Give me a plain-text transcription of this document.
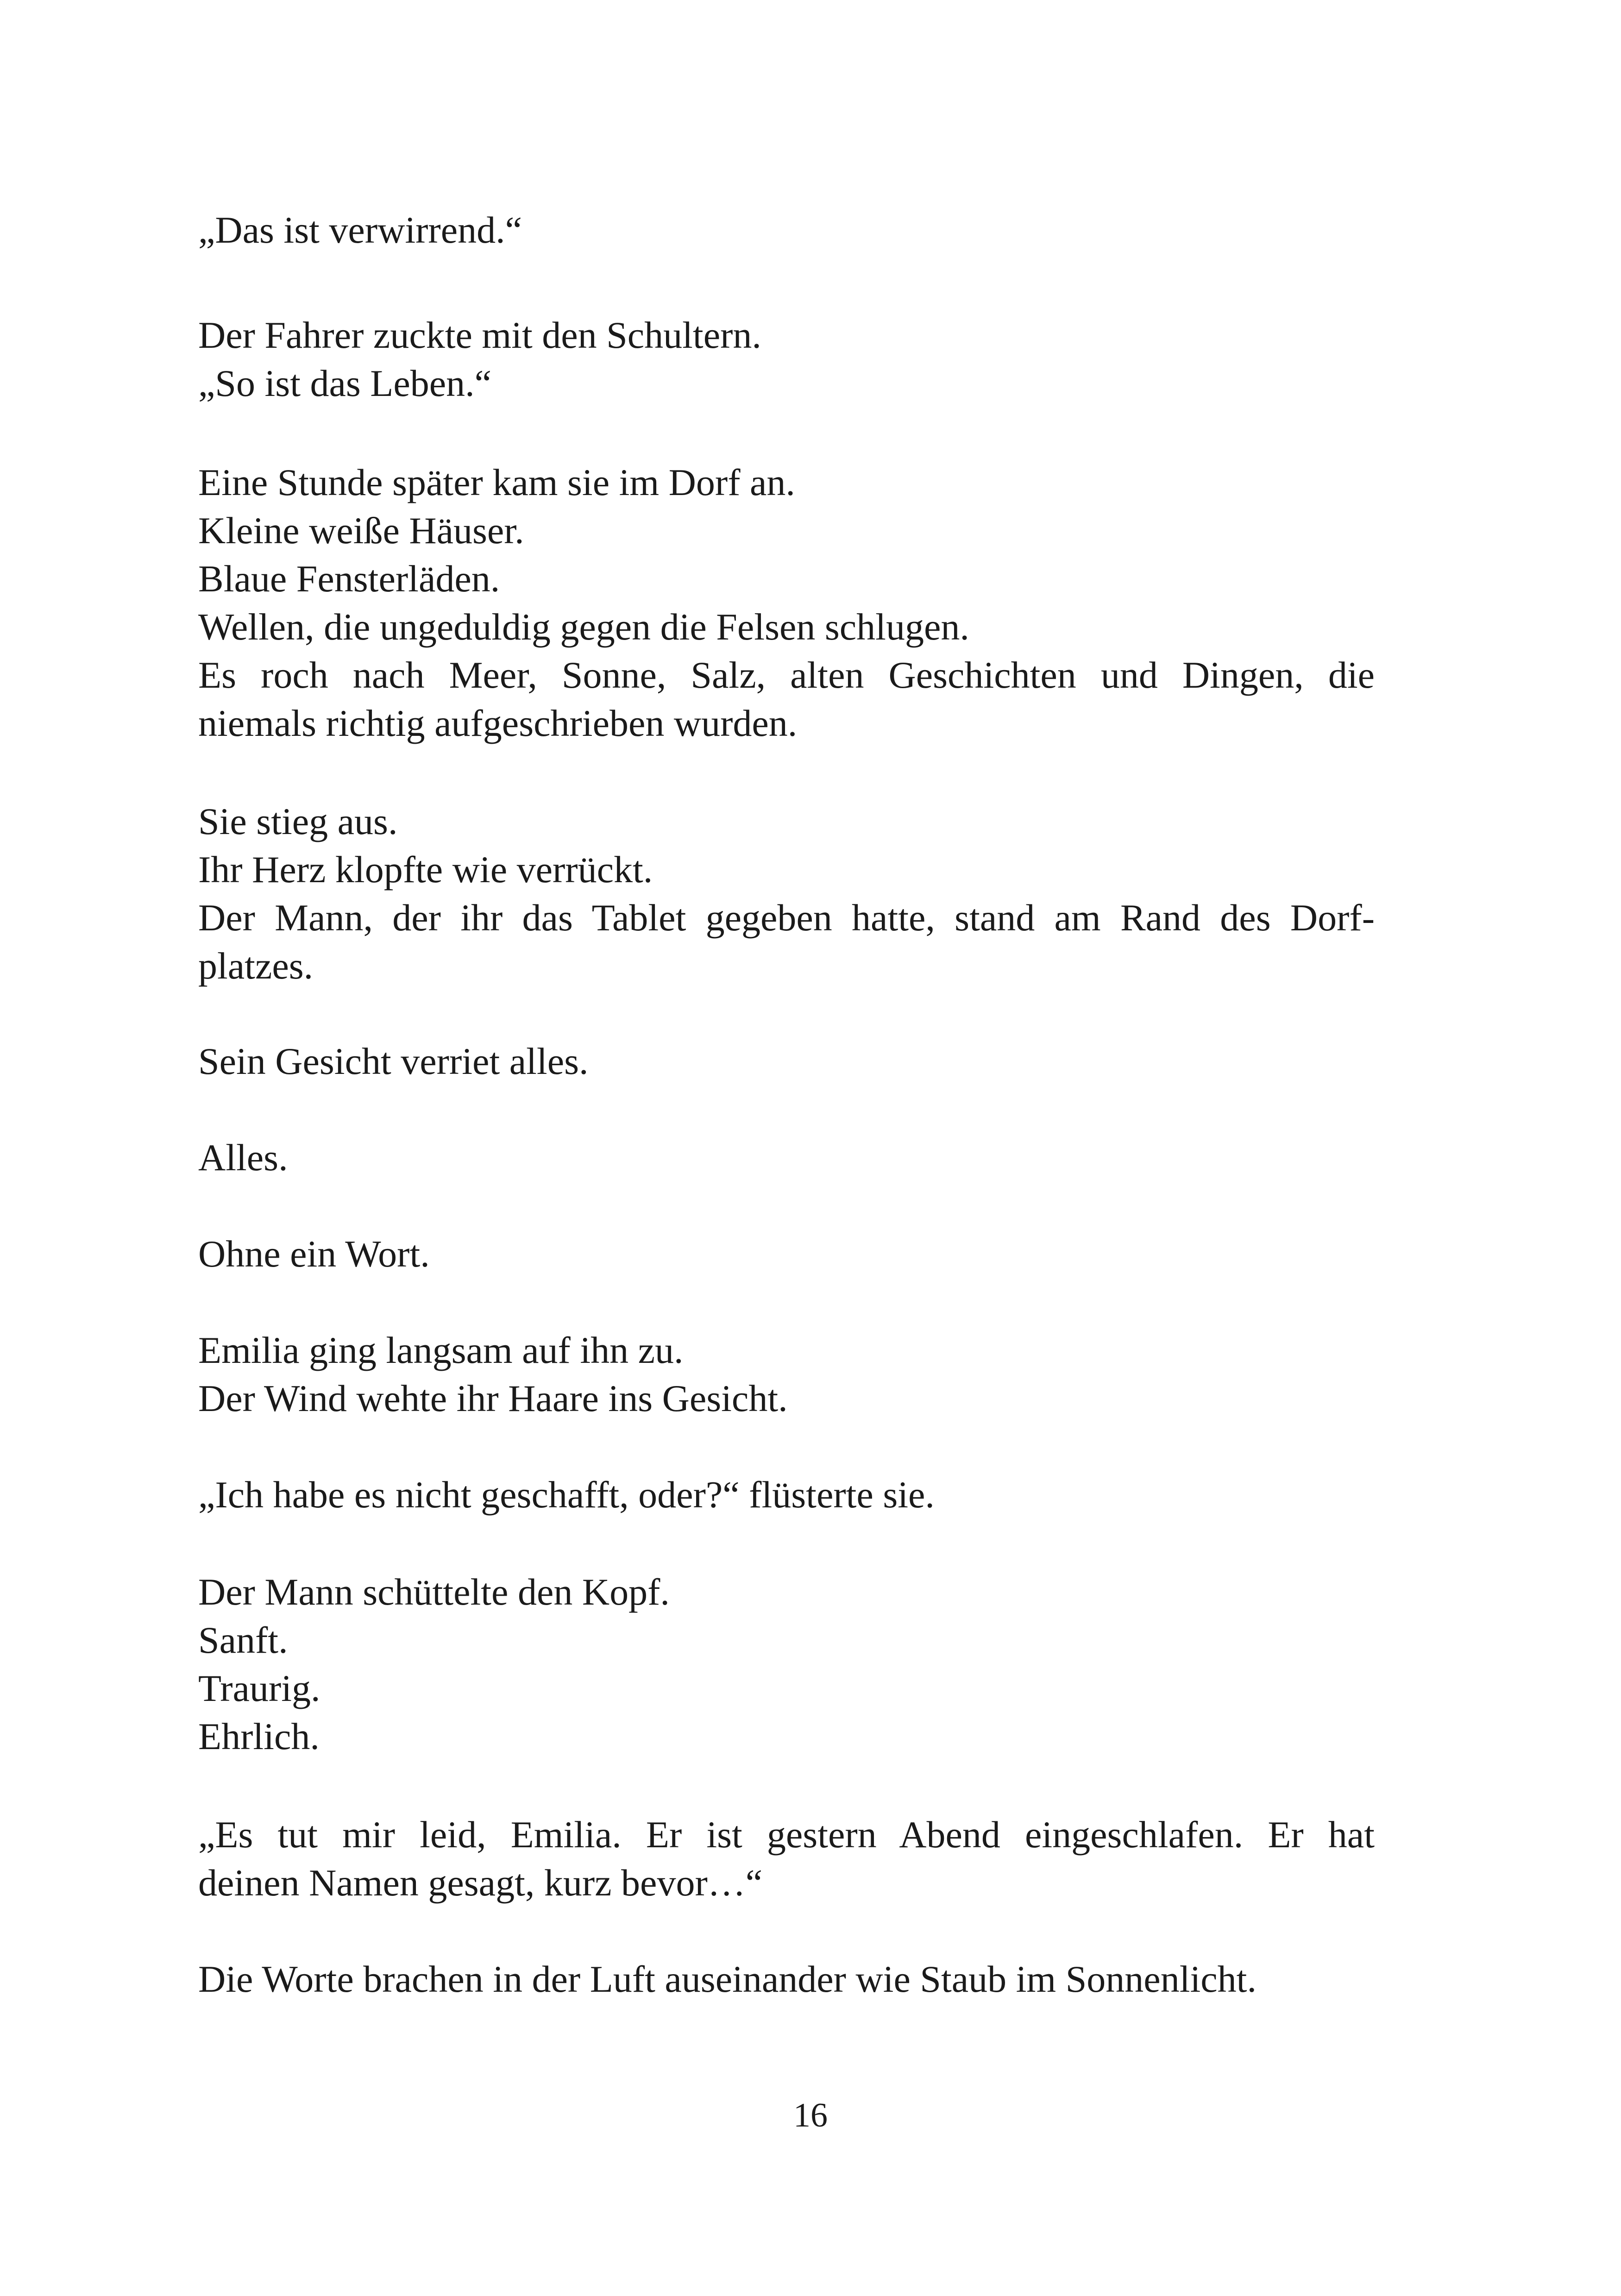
„Das ist verwirrend.“

Der Fahrer zuckte mit den Schultern.

„So ist das Leben.“

Eine Stunde später kam sie im Dorf an.

Kleine weiße Häuser.

Blaue Fensterläden.

Wellen, die ungeduldig gegen die Felsen schlugen.

Es roch nach Meer, Sonne, Salz, alten Geschichten und Dingen, die

niemals richtig aufgeschrieben wurden.

Sie stieg aus.

Ihr Herz klopfte wie verrückt.

Der Mann, der ihr das Tablet gegeben hatte, stand am Rand des Dorf-

platzes.

Sein Gesicht verriet alles.

Alles.

Ohne ein Wort.

Emilia ging langsam auf ihn zu.

Der Wind wehte ihr Haare ins Gesicht.

„Ich habe es nicht geschafft, oder?“ flüsterte sie.

Der Mann schüttelte den Kopf.

Sanft.

Traurig.

Ehrlich.

„Es tut mir leid, Emilia. Er ist gestern Abend eingeschlafen. Er hat

deinen Namen gesagt, kurz bevor…“

Die Worte brachen in der Luft auseinander wie Staub im Sonnenlicht.

16
